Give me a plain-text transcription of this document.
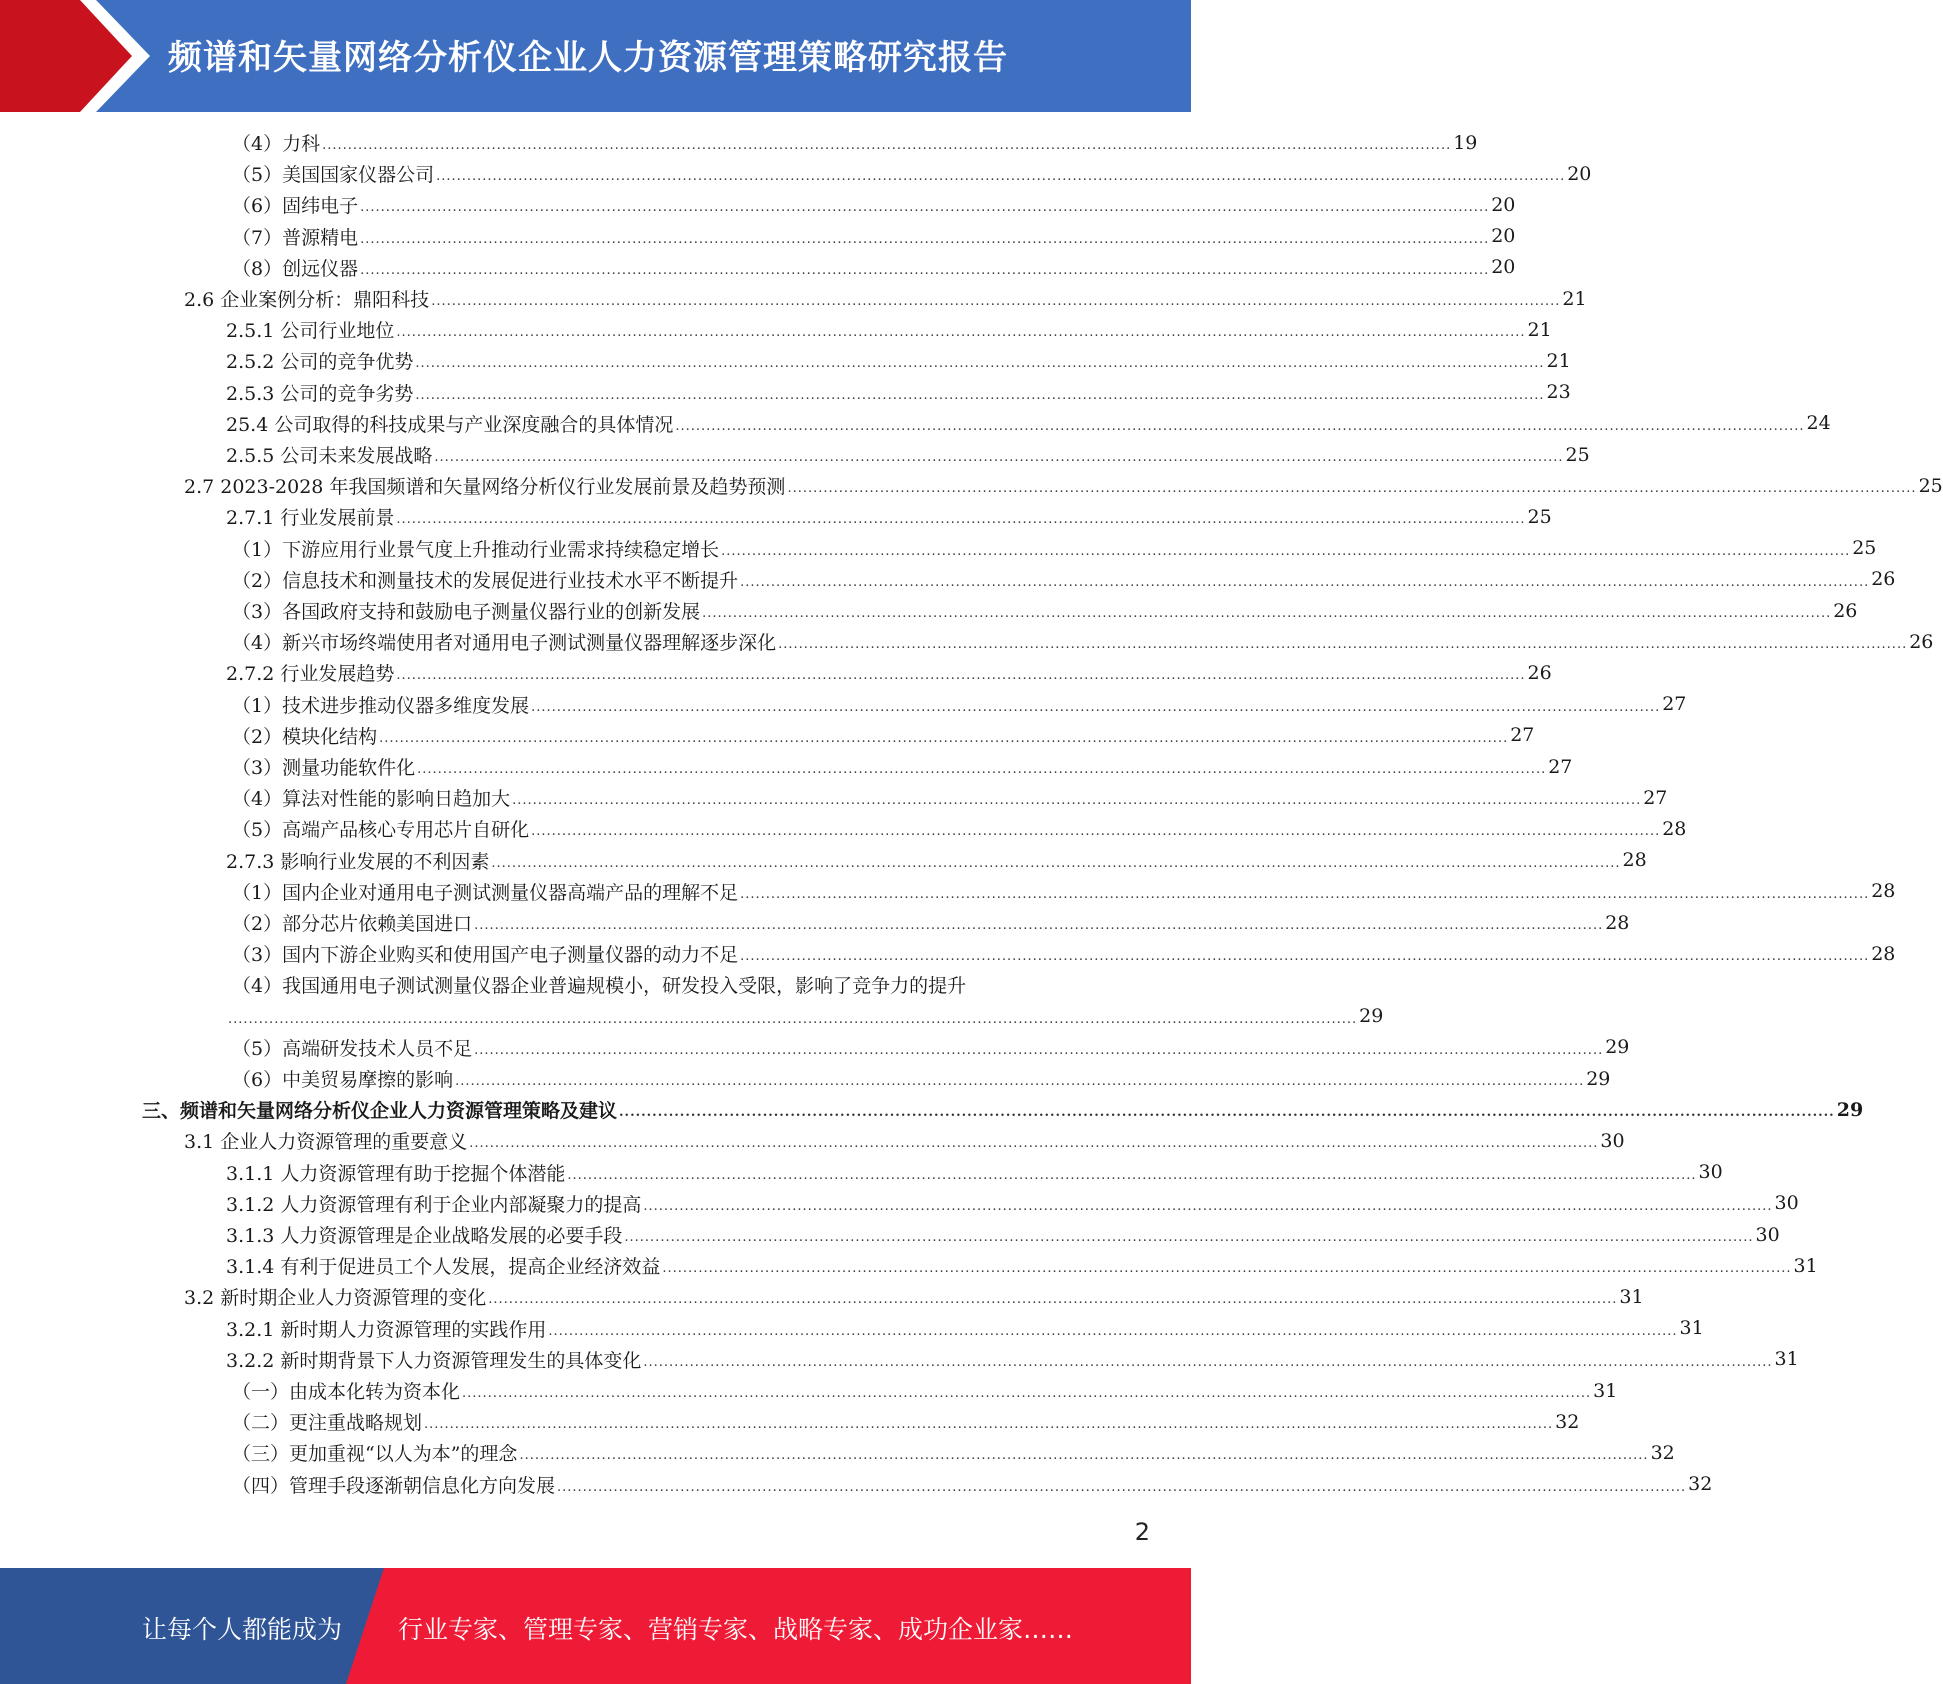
频谱和矢量网络分析仪企业人力资源管理策略研究报告
（4）力科 ............................................................................................................................................................................................................................ 19
（5）美国国家仪器公司 ............................................................................................................................................................................................................................ 20
（6）固纬电子 ............................................................................................................................................................................................................................ 20
（7）普源精电 ............................................................................................................................................................................................................................ 20
（8）创远仪器 ............................................................................................................................................................................................................................ 20
2.6 企业案例分析：鼎阳科技 ............................................................................................................................................................................................................................ 21
2.5.1 公司行业地位 ............................................................................................................................................................................................................................ 21
2.5.2 公司的竞争优势 ............................................................................................................................................................................................................................ 21
2.5.3 公司的竞争劣势 ............................................................................................................................................................................................................................ 23
25.4 公司取得的科技成果与产业深度融合的具体情况 ............................................................................................................................................................................................................................ 24
2.5.5 公司未来发展战略 ............................................................................................................................................................................................................................ 25
2.7 2023-2028 年我国频谱和矢量网络分析仪行业发展前景及趋势预测 ............................................................................................................................................................................................................................ 25
2.7.1 行业发展前景 ............................................................................................................................................................................................................................ 25
（1）下游应用行业景气度上升推动行业需求持续稳定增长 ............................................................................................................................................................................................................................ 25
（2）信息技术和测量技术的发展促进行业技术水平不断提升 ............................................................................................................................................................................................................................ 26
（3）各国政府支持和鼓励电子测量仪器行业的创新发展 ............................................................................................................................................................................................................................ 26
（4）新兴市场终端使用者对通用电子测试测量仪器理解逐步深化 ............................................................................................................................................................................................................................ 26
2.7.2 行业发展趋势 ............................................................................................................................................................................................................................ 26
（1）技术进步推动仪器多维度发展 ............................................................................................................................................................................................................................ 27
（2）模块化结构 ............................................................................................................................................................................................................................ 27
（3）测量功能软件化 ............................................................................................................................................................................................................................ 27
（4）算法对性能的影响日趋加大 ............................................................................................................................................................................................................................ 27
（5）高端产品核心专用芯片自研化 ............................................................................................................................................................................................................................ 28
2.7.3 影响行业发展的不利因素 ............................................................................................................................................................................................................................ 28
（1）国内企业对通用电子测试测量仪器高端产品的理解不足 ............................................................................................................................................................................................................................ 28
（2）部分芯片依赖美国进口 ............................................................................................................................................................................................................................ 28
（3）国内下游企业购买和使用国产电子测量仪器的动力不足 ............................................................................................................................................................................................................................ 28
（4）我国通用电子测试测量仪器企业普遍规模小，研发投入受限，影响了竞争力的提升
............................................................................................................................................................................................................................ 29
（5）高端研发技术人员不足 ............................................................................................................................................................................................................................ 29
（6）中美贸易摩擦的影响 ............................................................................................................................................................................................................................ 29
三、频谱和矢量网络分析仪企业人力资源管理策略及建议 ............................................................................................................................................................................................................................ 29
3.1 企业人力资源管理的重要意义 ............................................................................................................................................................................................................................ 30
3.1.1 人力资源管理有助于挖掘个体潜能 ............................................................................................................................................................................................................................ 30
3.1.2 人力资源管理有利于企业内部凝聚力的提高 ............................................................................................................................................................................................................................ 30
3.1.3 人力资源管理是企业战略发展的必要手段 ............................................................................................................................................................................................................................ 30
3.1.4 有利于促进员工个人发展，提高企业经济效益 ............................................................................................................................................................................................................................ 31
3.2 新时期企业人力资源管理的变化 ............................................................................................................................................................................................................................ 31
3.2.1 新时期人力资源管理的实践作用 ............................................................................................................................................................................................................................ 31
3.2.2 新时期背景下人力资源管理发生的具体变化 ............................................................................................................................................................................................................................ 31
（一）由成本化转为资本化 ............................................................................................................................................................................................................................ 31
（二）更注重战略规划 ............................................................................................................................................................................................................................ 32
（三）更加重视“以人为本”的理念 ............................................................................................................................................................................................................................ 32
（四）管理手段逐渐朝信息化方向发展 ............................................................................................................................................................................................................................ 32
2
让每个人都能成为 行业专家、管理专家、营销专家、战略专家、成功企业家……
